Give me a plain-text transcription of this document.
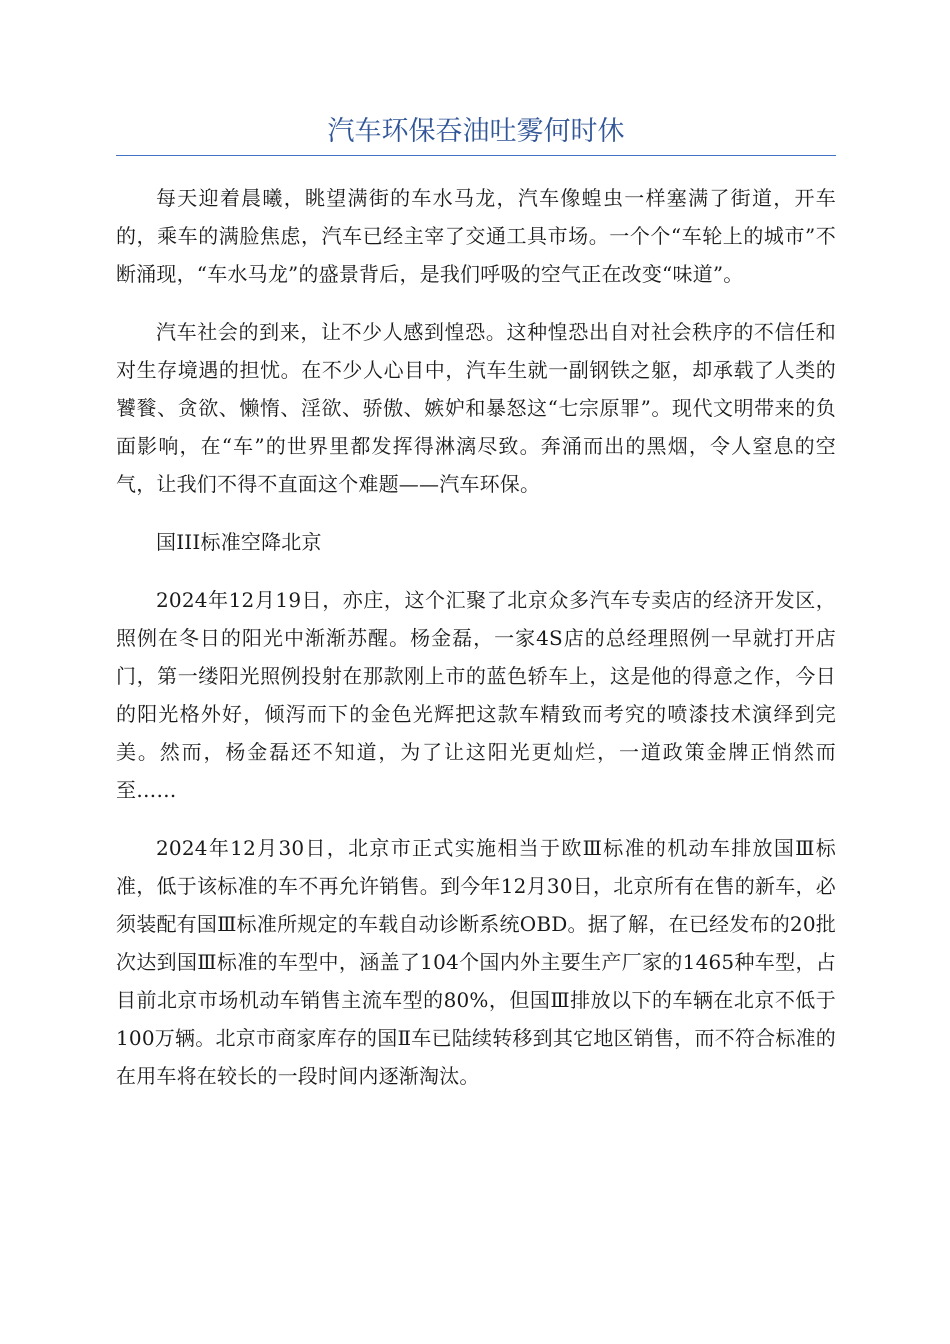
汽车环保吞油吐雾何时休

每天迎着晨曦，眺望满街的车水马龙，汽车像蝗虫一样塞满了街道，开车的，乘车的满脸焦虑，汽车已经主宰了交通工具市场。一个个“车轮上的城市”不断涌现，“车水马龙”的盛景背后，是我们呼吸的空气正在改变“味道”。

汽车社会的到来，让不少人感到惶恐。这种惶恐出自对社会秩序的不信任和对生存境遇的担忧。在不少人心目中，汽车生就一副钢铁之躯，却承载了人类的饕餮、贪欲、懒惰、淫欲、骄傲、嫉妒和暴怒这“七宗原罪”。现代文明带来的负面影响，在“车”的世界里都发挥得淋漓尽致。奔涌而出的黑烟，令人窒息的空气，让我们不得不直面这个难题——汽车环保。

国III标准空降北京

2024年12月19日，亦庄，这个汇聚了北京众多汽车专卖店的经济开发区，照例在冬日的阳光中渐渐苏醒。杨金磊，一家4S店的总经理照例一早就打开店门，第一缕阳光照例投射在那款刚上市的蓝色轿车上，这是他的得意之作，今日的阳光格外好，倾泻而下的金色光辉把这款车精致而考究的喷漆技术演绎到完美。然而，杨金磊还不知道，为了让这阳光更灿烂，一道政策金牌正悄然而至……

2024年12月30日，北京市正式实施相当于欧Ⅲ标准的机动车排放国Ⅲ标准，低于该标准的车不再允许销售。到今年12月30日，北京所有在售的新车，必须装配有国Ⅲ标准所规定的车载自动诊断系统OBD。据了解，在已经发布的20批次达到国Ⅲ标准的车型中，涵盖了104个国内外主要生产厂家的1465种车型，占目前北京市场机动车销售主流车型的80%，但国Ⅲ排放以下的车辆在北京不低于100万辆。北京市商家库存的国Ⅱ车已陆续转移到其它地区销售，而不符合标准的在用车将在较长的一段时间内逐渐淘汰。
